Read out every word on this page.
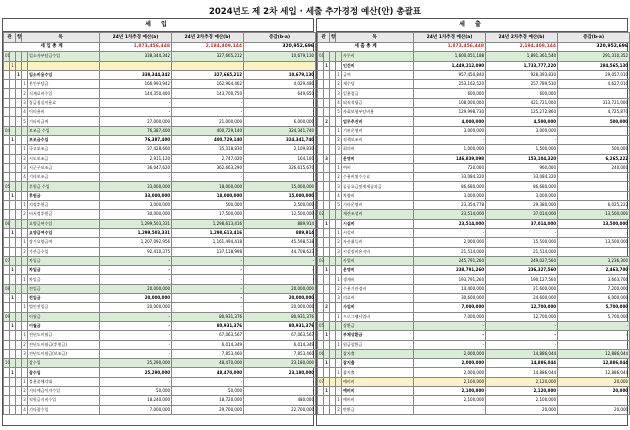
2024년도 제 2차 세입 · 세출 추가경정 예산(안) 총괄표
세 입
관		항	목		24년 1차추경 예산(a)	24년 2차추경 예산(b)	증감(b-a)
세 입 총 계					1,873,456,448	2,194,409,144	320,952,696
01				입소자부담금수입	338,344,342	327,665,212	10,679,130
	1						
		1		입소비용수입	338,344,342	327,665,212	10,679,130
			1	본인부담금	166,993,942	162,964,462	4,029,480
			2	식재료비수입	144,350,400	143,700,750	649,650
			3	상급침실이용료	-	-	-
			4	이미용비	-	-	-
			5	기타비급여	27,000,000	21,000,000	6,000,000
04				보조금 수입	76,387,400	400,729,140	324,341,740
	1			보조금수입	76,387,400	400,729,140	324,341,740
			1	국고보조금	37,428,660	35,318,830	2,109,830
			2	시도보조금	2,911,120	2,747,020	164,100
			3	시군구보조금	36,047,620	362,663,290	326,615,670
			4	기타보조금	-	-	-
05				후원금 수입	33,000,000	18,000,000	15,000,000
	1			후원금	33,000,000	18,000,000	15,000,000
			1	지정후원금	3,000,000	500,000	2,500,000
			2	비지정후원금	30,000,000	17,500,000	12,500,000
06				요양급여수입	1,299,503,331	1,298,613,416	889,914
	1			요양급여수입	1,299,503,331	1,298,613,416	889,914
			1	장기요양급여	1,207,092,956	1,161,494,418	45,598,538
			2	가산금수입	92,410,375	137,118,998	44,708,623
07				차입금	-	-	-
	1			차입금	-	-	-
			1	차입금	-	-	-
08				전입금	20,000,000	-	20,000,000
	1			전입금	20,000,000	-	20,000,000
			1	법인전입금	20,000,000	-	20,000,000
09				이월금	-	80,931,376	80,931,376
	1			이월금	-	80,931,376	80,931,376
			1	전년도이월금	-	67,063,567	67,063,567
			2	전년도이월금(후원금)	-	6,014,349	6,014,349
			3	전년도이월금(보조금)	-	7,853,460	7,853,460
10				잡수입	25,290,000	48,470,000	23,180,000
	1			잡수입	25,290,000	48,470,000	23,180,000
			1	불용품매각대	-	-	-
			2	기타예금이자수입	50,000	50,000	-
			3	직원급식비수입	18,240,000	18,720,000	480,000
			4	기타잡수입	7,000,000	29,700,000	22,700,000
세 출
관		항	목		24년 1차추경 예산(a)	24년 2차추경 예산(b)	증감(b-a)
세 출 총 계					1,873,456,448	2,194,409,144	320,952,696
01				사무비	1,600,051,188	1,891,361,540	291,310,352
	1			인건비	1,449,212,090	1,733,777,220	284,565,130
			1	급여	957,450,840	928,393,830	29,057,010
			2	제수당	253,162,520	257,789,530	4,627,010
			3	일용잡급	600,000	600,000	-
			4	퇴직적립금	108,000,000	421,721,000	313,721,000
			5	사회보험부담비용	129,998,730	125,272,860	4,725,870
	2			업무추진비	4,000,000	4,500,000	500,000
			1	기관운영비	3,000,000	3,000,000	-
			2	직책보조비	-	-	-
			3	회의비	1,000,000	1,500,000	500,000
	3			운영비	146,839,098	153,104,320	6,265,222
			1	여비	720,000	960,000	240,000
			2	수용비및수수료	33,084,320	33,084,320	-
			3	공공요금및제세공과금	86,680,000	86,680,000	-
			4	차량비	3,000,000	3,000,000	-
			5	기타운영비	23,354,778	29,380,000	6,025,222
02				재산조성비	23,514,000	37,014,000	13,500,000
	1			시설비	23,514,000	37,014,000	13,500,000
			1	시설비	-	-	-
			2	자산취득비	2,000,000	15,500,000	13,500,000
			3	시설장비유지비	21,514,000	21,514,000	-
03				사업비	245,791,260	249,027,560	3,236,300
	1			운영비	238,791,260	236,327,560	2,463,700
			1	생계비	193,791,260	190,127,560	3,663,700
			2	수용기관경비	14,400,000	21,600,000	7,200,000
			3	의료비	30,600,000	24,600,000	6,000,000
	2			사업비	7,000,000	12,700,000	5,700,000
			1	프로그램사업비	7,000,000	12,700,000	5,700,000
05				상환금	-	-	-
	1			부채상환금	-	-	-
			1	원금상환금	-	-	-
06				잡지출	2,000,000	14,886,044	12,886,044
	1			잡지출	2,000,000	14,886,044	12,886,044
			1	잡지출	2,000,000	14,886,044	12,886,044
07				예비비	2,100,000	2,120,000	20,000
	1			예비비	2,100,000	2,120,000	20,000
			1	예비비	2,100,000	2,100,000	-
			2	반환금	-	20,000	20,000
